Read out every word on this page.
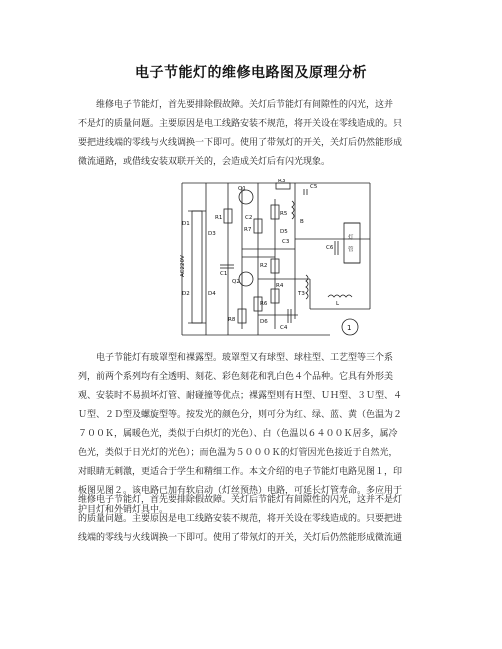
电子节能灯的维修电路图及原理分析
　　维修电子节能灯，首先要排除假故障。关灯后节能灯有间隙性的闪光，这并
不是灯的质量问题。主要原因是电工线路安装不规范，将开关设在零线造成的。只
要把进线端的零线与火线调换一下即可。使用了带氖灯的开关，关灯后仍然能形成
微流通路，或借线安装双联开关的，会造成关灯后有闪光现象。
R3
C5
Q1
R1	C2
R5
R7	D5
B
C3
C6
D1
D3
AC220V	C1
R2
灯
管
Q2
R4
D2	D4
R6
T3
L
R8	D6
C4	1
　　电子节能灯有玻罩型和裸露型。玻罩型又有球型、球柱型、工艺型等三个系
列，前两个系列均有全透明、刻花、彩色刻花和乳白色４个品种。它具有外形美
观、安装时不易损坏灯管、耐碰撞等优点；裸露型则有Ｈ型、ＵＨ型、３Ｕ型、４
Ｕ型、２Ｄ型及螺旋型等。按发光的颜色分，则可分为红、绿、蓝、黄（色温为２
７００Ｋ，属暖色光，类似于白炽灯的光色）、白（色温以６４００Ｋ居多，属冷
色光，类似于日光灯的光色）；而色温为５０００Ｋ的灯管因光色接近于自然光，
对眼睛无刺激，更适合于学生和精细工作。本文介绍的电子节能灯电路见图１，印
板图见图２。该电路已加有软启动（灯丝预热）电路，可延长灯管寿命。多应用于
护目灯和外销灯具中。
维修电子节能灯，首先要排除假故障。关灯后节能灯有间隙性的闪光，这并不是灯
的质量问题。主要原因是电工线路安装不规范，将开关设在零线造成的。只要把进
线端的零线与火线调换一下即可。使用了带氖灯的开关，关灯后仍然能形成微流通
